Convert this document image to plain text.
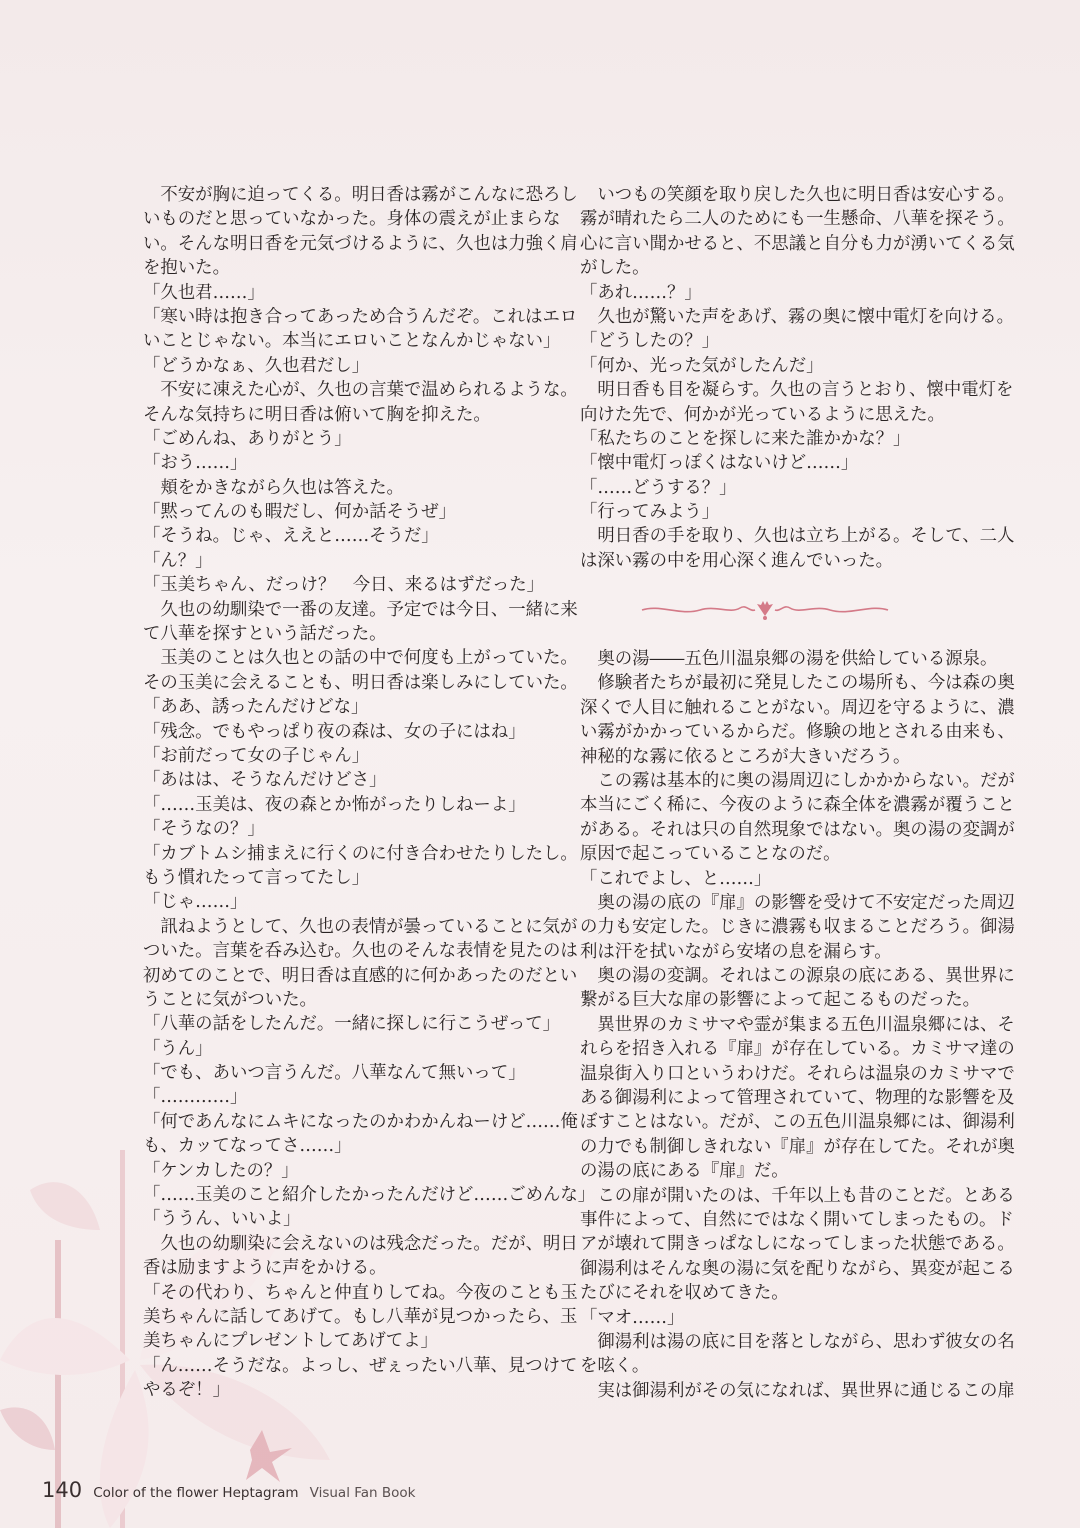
　不安が胸に迫ってくる。明日香は霧がこんなに恐ろし
いものだと思っていなかった。身体の震えが止まらな
い。そんな明日香を元気づけるように、久也は力強く肩
を抱いた。
「久也君……」
「寒い時は抱き合ってあっため合うんだぞ。これはエロ
いことじゃない。本当にエロいことなんかじゃない」
「どうかなぁ、久也君だし」
　不安に凍えた心が、久也の言葉で温められるような。
そんな気持ちに明日香は俯いて胸を抑えた。
「ごめんね、ありがとう」
「おう……」
　頬をかきながら久也は答えた。
「黙ってんのも暇だし、何か話そうぜ」
「そうね。じゃ、ええと……そうだ」
「ん？」
「玉美ちゃん、だっけ？　今日、来るはずだった」
　久也の幼馴染で一番の友達。予定では今日、一緒に来
て八華を探すという話だった。
　玉美のことは久也との話の中で何度も上がっていた。
その玉美に会えることも、明日香は楽しみにしていた。
「ああ、誘ったんだけどな」
「残念。でもやっぱり夜の森は、女の子にはね」
「お前だって女の子じゃん」
「あはは、そうなんだけどさ」
「……玉美は、夜の森とか怖がったりしねーよ」
「そうなの？」
「カブトムシ捕まえに行くのに付き合わせたりしたし。
もう慣れたって言ってたし」
「じゃ……」
　訊ねようとして、久也の表情が曇っていることに気が
ついた。言葉を呑み込む。久也のそんな表情を見たのは
初めてのことで、明日香は直感的に何かあったのだとい
うことに気がついた。
「八華の話をしたんだ。一緒に探しに行こうぜって」
「うん」
「でも、あいつ言うんだ。八華なんて無いって」
「…………」
「何であんなにムキになったのかわかんねーけど……俺
も、カッてなってさ……」
「ケンカしたの？」
「……玉美のこと紹介したかったんだけど……ごめんな」
「ううん、いいよ」
　久也の幼馴染に会えないのは残念だった。だが、明日
香は励ますように声をかける。
「その代わり、ちゃんと仲直りしてね。今夜のことも玉
美ちゃんに話してあげて。もし八華が見つかったら、玉
美ちゃんにプレゼントしてあげてよ」
「ん……そうだな。よっし、ぜぇったい八華、見つけて
やるぞ！」
　いつもの笑顔を取り戻した久也に明日香は安心する。
霧が晴れたら二人のためにも一生懸命、八華を探そう。
心に言い聞かせると、不思議と自分も力が湧いてくる気
がした。
「あれ……？」
　久也が驚いた声をあげ、霧の奥に懐中電灯を向ける。
「どうしたの？」
「何か、光った気がしたんだ」
　明日香も目を凝らす。久也の言うとおり、懐中電灯を
向けた先で、何かが光っているように思えた。
「私たちのことを探しに来た誰かかな？」
「懐中電灯っぽくはないけど……」
「……どうする？」
「行ってみよう」
　明日香の手を取り、久也は立ち上がる。そして、二人
は深い霧の中を用心深く進んでいった。
　奥の湯――五色川温泉郷の湯を供給している源泉。
　修験者たちが最初に発見したこの場所も、今は森の奥
深くで人目に触れることがない。周辺を守るように、濃
い霧がかかっているからだ。修験の地とされる由来も、
神秘的な霧に依るところが大きいだろう。
　この霧は基本的に奥の湯周辺にしかかからない。だが
本当にごく稀に、今夜のように森全体を濃霧が覆うこと
がある。それは只の自然現象ではない。奥の湯の変調が
原因で起こっていることなのだ。
「これでよし、と……」
　奥の湯の底の『扉』の影響を受けて不安定だった周辺
の力も安定した。じきに濃霧も収まることだろう。御湯
利は汗を拭いながら安堵の息を漏らす。
　奥の湯の変調。それはこの源泉の底にある、異世界に
繋がる巨大な扉の影響によって起こるものだった。
　異世界のカミサマや霊が集まる五色川温泉郷には、そ
れらを招き入れる『扉』が存在している。カミサマ達の
温泉街入り口というわけだ。それらは温泉のカミサマで
ある御湯利によって管理されていて、物理的な影響を及
ぼすことはない。だが、この五色川温泉郷には、御湯利
の力でも制御しきれない『扉』が存在してた。それが奥
の湯の底にある『扉』だ。
　この扉が開いたのは、千年以上も昔のことだ。とある
事件によって、自然にではなく開いてしまったもの。ド
アが壊れて開きっぱなしになってしまった状態である。
御湯利はそんな奥の湯に気を配りながら、異変が起こる
たびにそれを収めてきた。
「マオ……」
　御湯利は湯の底に目を落としながら、思わず彼女の名
を呟く。
　実は御湯利がその気になれば、異世界に通じるこの扉
140 Color of the flower Heptagram Visual Fan Book
